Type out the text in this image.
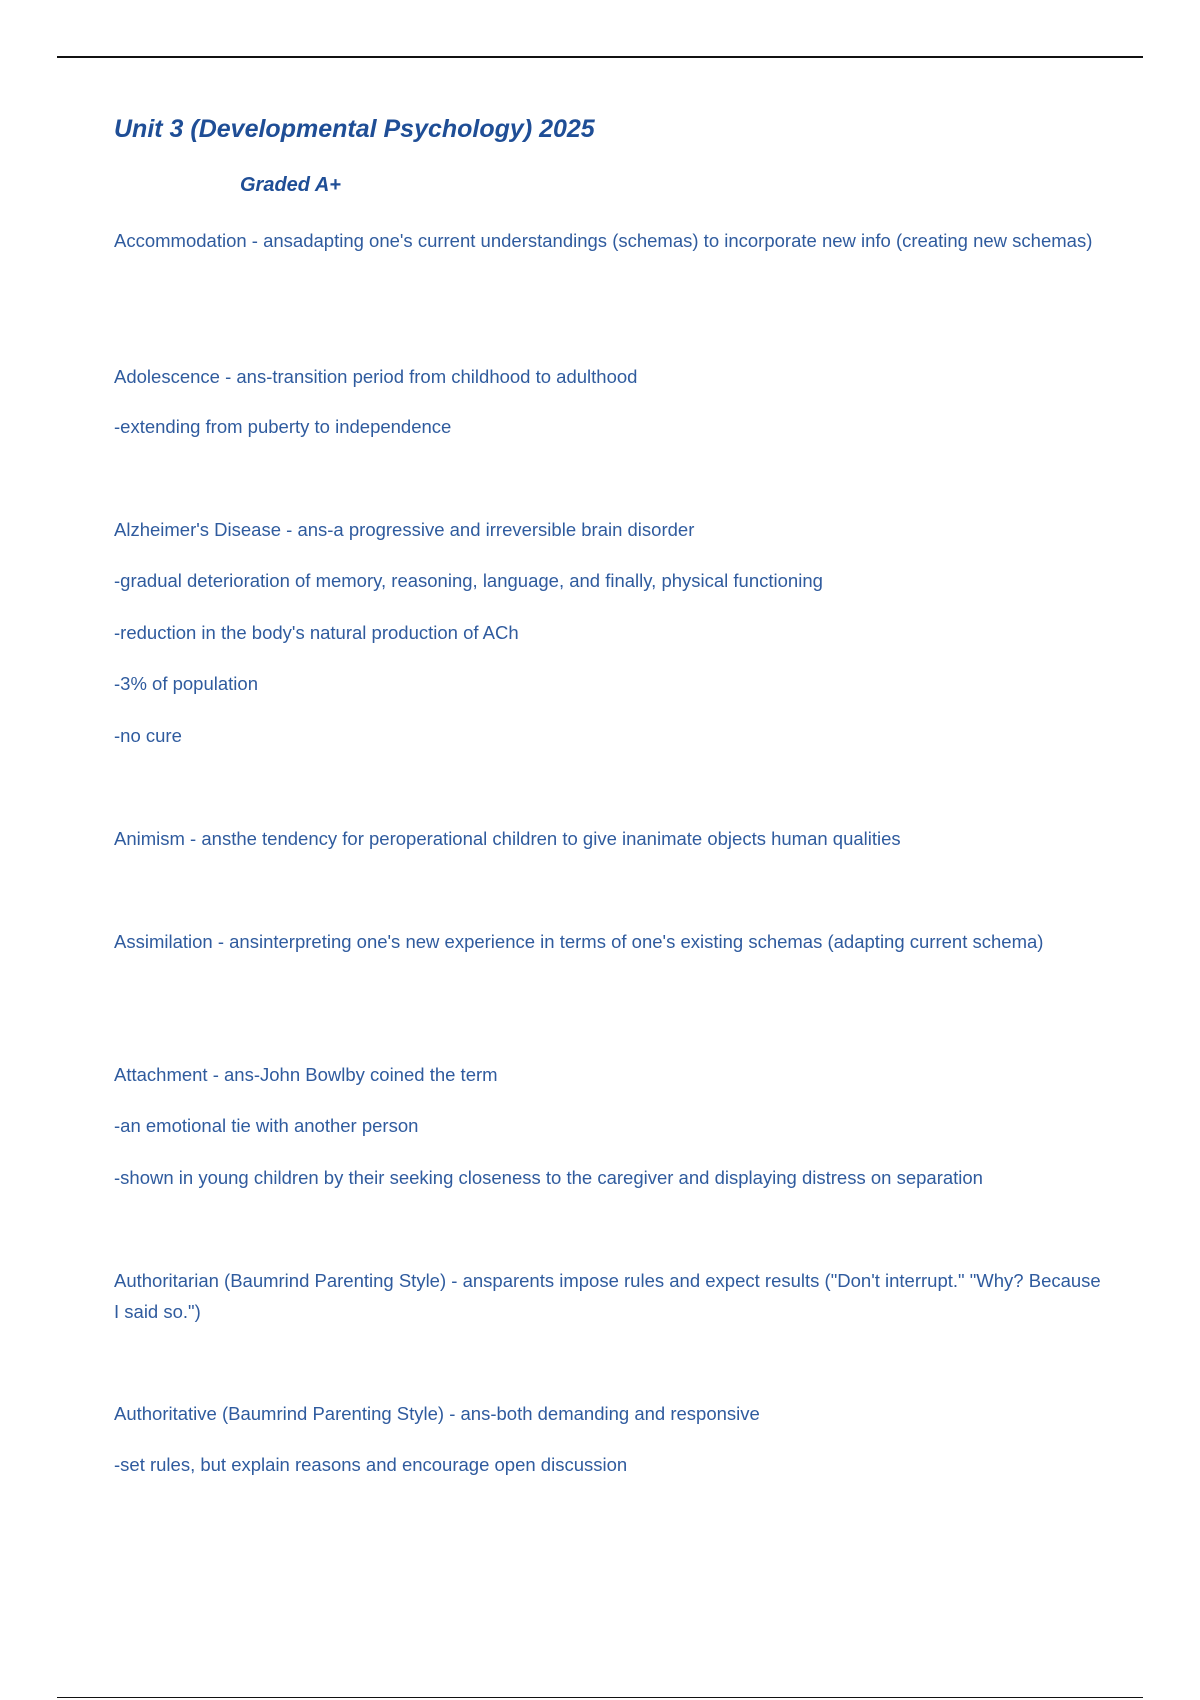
Unit 3 (Developmental Psychology) 2025
Graded A+

Accommodation - ansadapting one's current understandings (schemas) to incorporate new info (creating new schemas)

Adolescence - ans-transition period from childhood to adulthood

-extending from puberty to independence

Alzheimer's Disease - ans-a progressive and irreversible brain disorder

-gradual deterioration of memory, reasoning, language, and finally, physical functioning

-reduction in the body's natural production of ACh

-3% of population

-no cure

Animism - ansthe tendency for peroperational children to give inanimate objects human qualities

Assimilation - ansinterpreting one's new experience in terms of one's existing schemas (adapting current schema)

Attachment - ans-John Bowlby coined the term

-an emotional tie with another person

-shown in young children by their seeking closeness to the caregiver and displaying distress on separation

Authoritarian (Baumrind Parenting Style) - ansparents impose rules and expect results ("Don't interrupt." "Why? Because I said so.")

Authoritative (Baumrind Parenting Style) - ans-both demanding and responsive

-set rules, but explain reasons and encourage open discussion
